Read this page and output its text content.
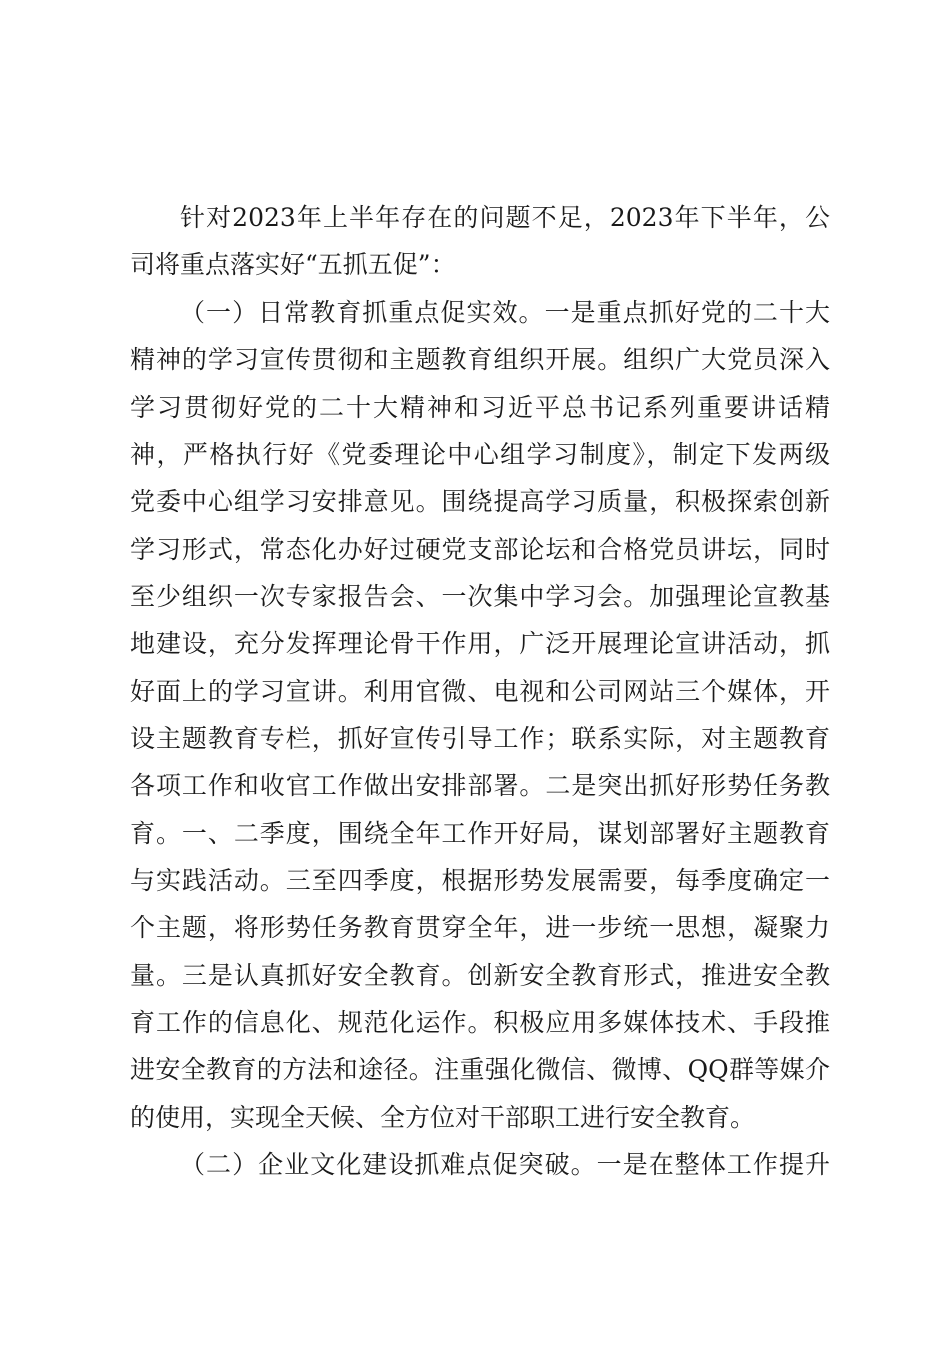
针对2023年上半年存在的问题不足，2023年下半年，公
司将重点落实好“五抓五促”：
（一）日常教育抓重点促实效。一是重点抓好党的二十大
精神的学习宣传贯彻和主题教育组织开展。组织广大党员深入
学习贯彻好党的二十大精神和习近平总书记系列重要讲话精
神，严格执行好《党委理论中心组学习制度》，制定下发两级
党委中心组学习安排意见。围绕提高学习质量，积极探索创新
学习形式，常态化办好过硬党支部论坛和合格党员讲坛，同时
至少组织一次专家报告会、一次集中学习会。加强理论宣教基
地建设，充分发挥理论骨干作用，广泛开展理论宣讲活动，抓
好面上的学习宣讲。利用官微、电视和公司网站三个媒体，开
设主题教育专栏，抓好宣传引导工作；联系实际，对主题教育
各项工作和收官工作做出安排部署。二是突出抓好形势任务教
育。一、二季度，围绕全年工作开好局，谋划部署好主题教育
与实践活动。三至四季度，根据形势发展需要，每季度确定一
个主题，将形势任务教育贯穿全年，进一步统一思想，凝聚力
量。三是认真抓好安全教育。创新安全教育形式，推进安全教
育工作的信息化、规范化运作。积极应用多媒体技术、手段推
进安全教育的方法和途径。注重强化微信、微博、QQ群等媒介
的使用，实现全天候、全方位对干部职工进行安全教育。
（二）企业文化建设抓难点促突破。一是在整体工作提升
